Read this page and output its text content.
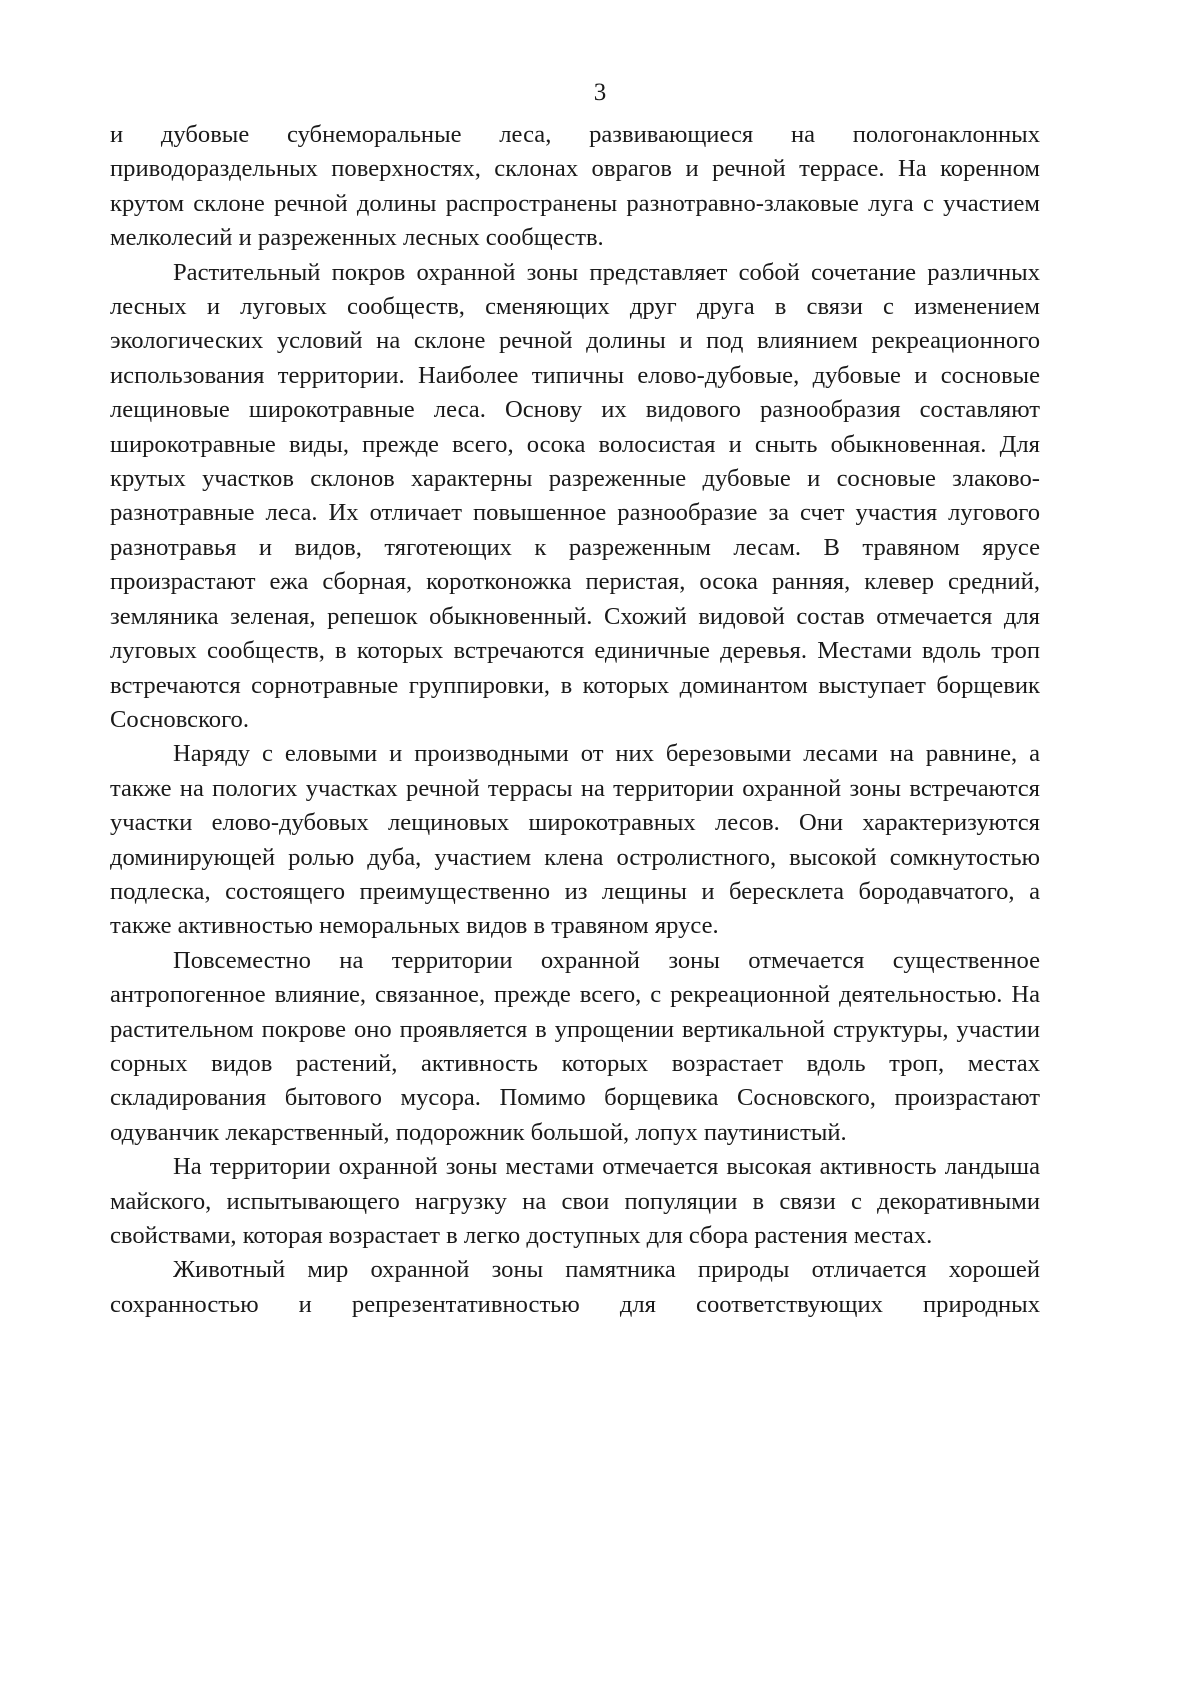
3

и дубовые субнеморальные леса, развивающиеся на пологонаклонных приводораздельных поверхностях, склонах оврагов и речной террасе. На коренном крутом склоне речной долины распространены разнотравно-злаковые луга с участием мелколесий и разреженных лесных сообществ.

Растительный покров охранной зоны представляет собой сочетание различных лесных и луговых сообществ, сменяющих друг друга в связи с изменением экологических условий на склоне речной долины и под влиянием рекреационного использования территории. Наиболее типичны елово-дубовые, дубовые и сосновые лещиновые широкотравные леса. Основу их видового разнообразия составляют широкотравные виды, прежде всего, осока волосистая и сныть обыкновенная. Для крутых участков склонов характерны разреженные дубовые и сосновые злаково-разнотравные леса. Их отличает повышенное разнообразие за счет участия лугового разнотравья и видов, тяготеющих к разреженным лесам. В травяном ярусе произрастают ежа сборная, коротконожка перистая, осока ранняя, клевер средний, земляника зеленая, репешок обыкновенный. Схожий видовой состав отмечается для луговых сообществ, в которых встречаются единичные деревья. Местами вдоль троп встречаются сорнотравные группировки, в которых доминантом выступает борщевик Сосновского.

Наряду с еловыми и производными от них березовыми лесами на равнине, а также на пологих участках речной террасы на территории охранной зоны встречаются участки елово-дубовых лещиновых широкотравных лесов. Они характеризуются доминирующей ролью дуба, участием клена остролистного, высокой сомкнутостью подлеска, состоящего преимущественно из лещины и бересклета бородавчатого, а также активностью неморальных видов в травяном ярусе.

Повсеместно на территории охранной зоны отмечается существенное антропогенное влияние, связанное, прежде всего, с рекреационной деятельностью. На растительном покрове оно проявляется в упрощении вертикальной структуры, участии сорных видов растений, активность которых возрастает вдоль троп, местах складирования бытового мусора. Помимо борщевика Сосновского, произрастают одуванчик лекарственный, подорожник большой, лопух паутинистый.

На территории охранной зоны местами отмечается высокая активность ландыша майского, испытывающего нагрузку на свои популяции в связи с декоративными свойствами, которая возрастает в легко доступных для сбора растения местах.

Животный мир охранной зоны памятника природы отличается хорошей сохранностью и репрезентативностью для соответствующих природных
